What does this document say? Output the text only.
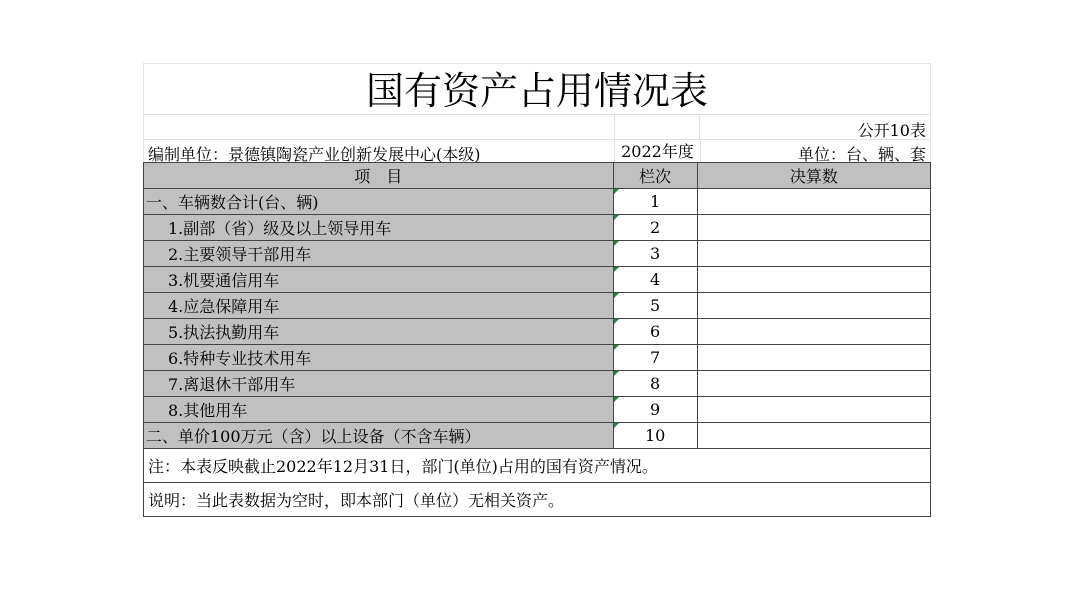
国有资产占用情况表
公开10表
编制单位：景德镇陶瓷产业创新发展中心(本级)	2022年度	单位：台、辆、套
项　目	栏次	决算数
一、车辆数合计(台、辆)	1	
1.副部（省）级及以上领导用车	2	
2.主要领导干部用车	3	
3.机要通信用车	4	
4.应急保障用车	5	
5.执法执勤用车	6	
6.特种专业技术用车	7	
7.离退休干部用车	8	
8.其他用车	9	
二、单价100万元（含）以上设备（不含车辆）	10	
注：本表反映截止2022年12月31日，部门(单位)占用的国有资产情况。		
说明：当此表数据为空时，即本部门（单位）无相关资产。		
